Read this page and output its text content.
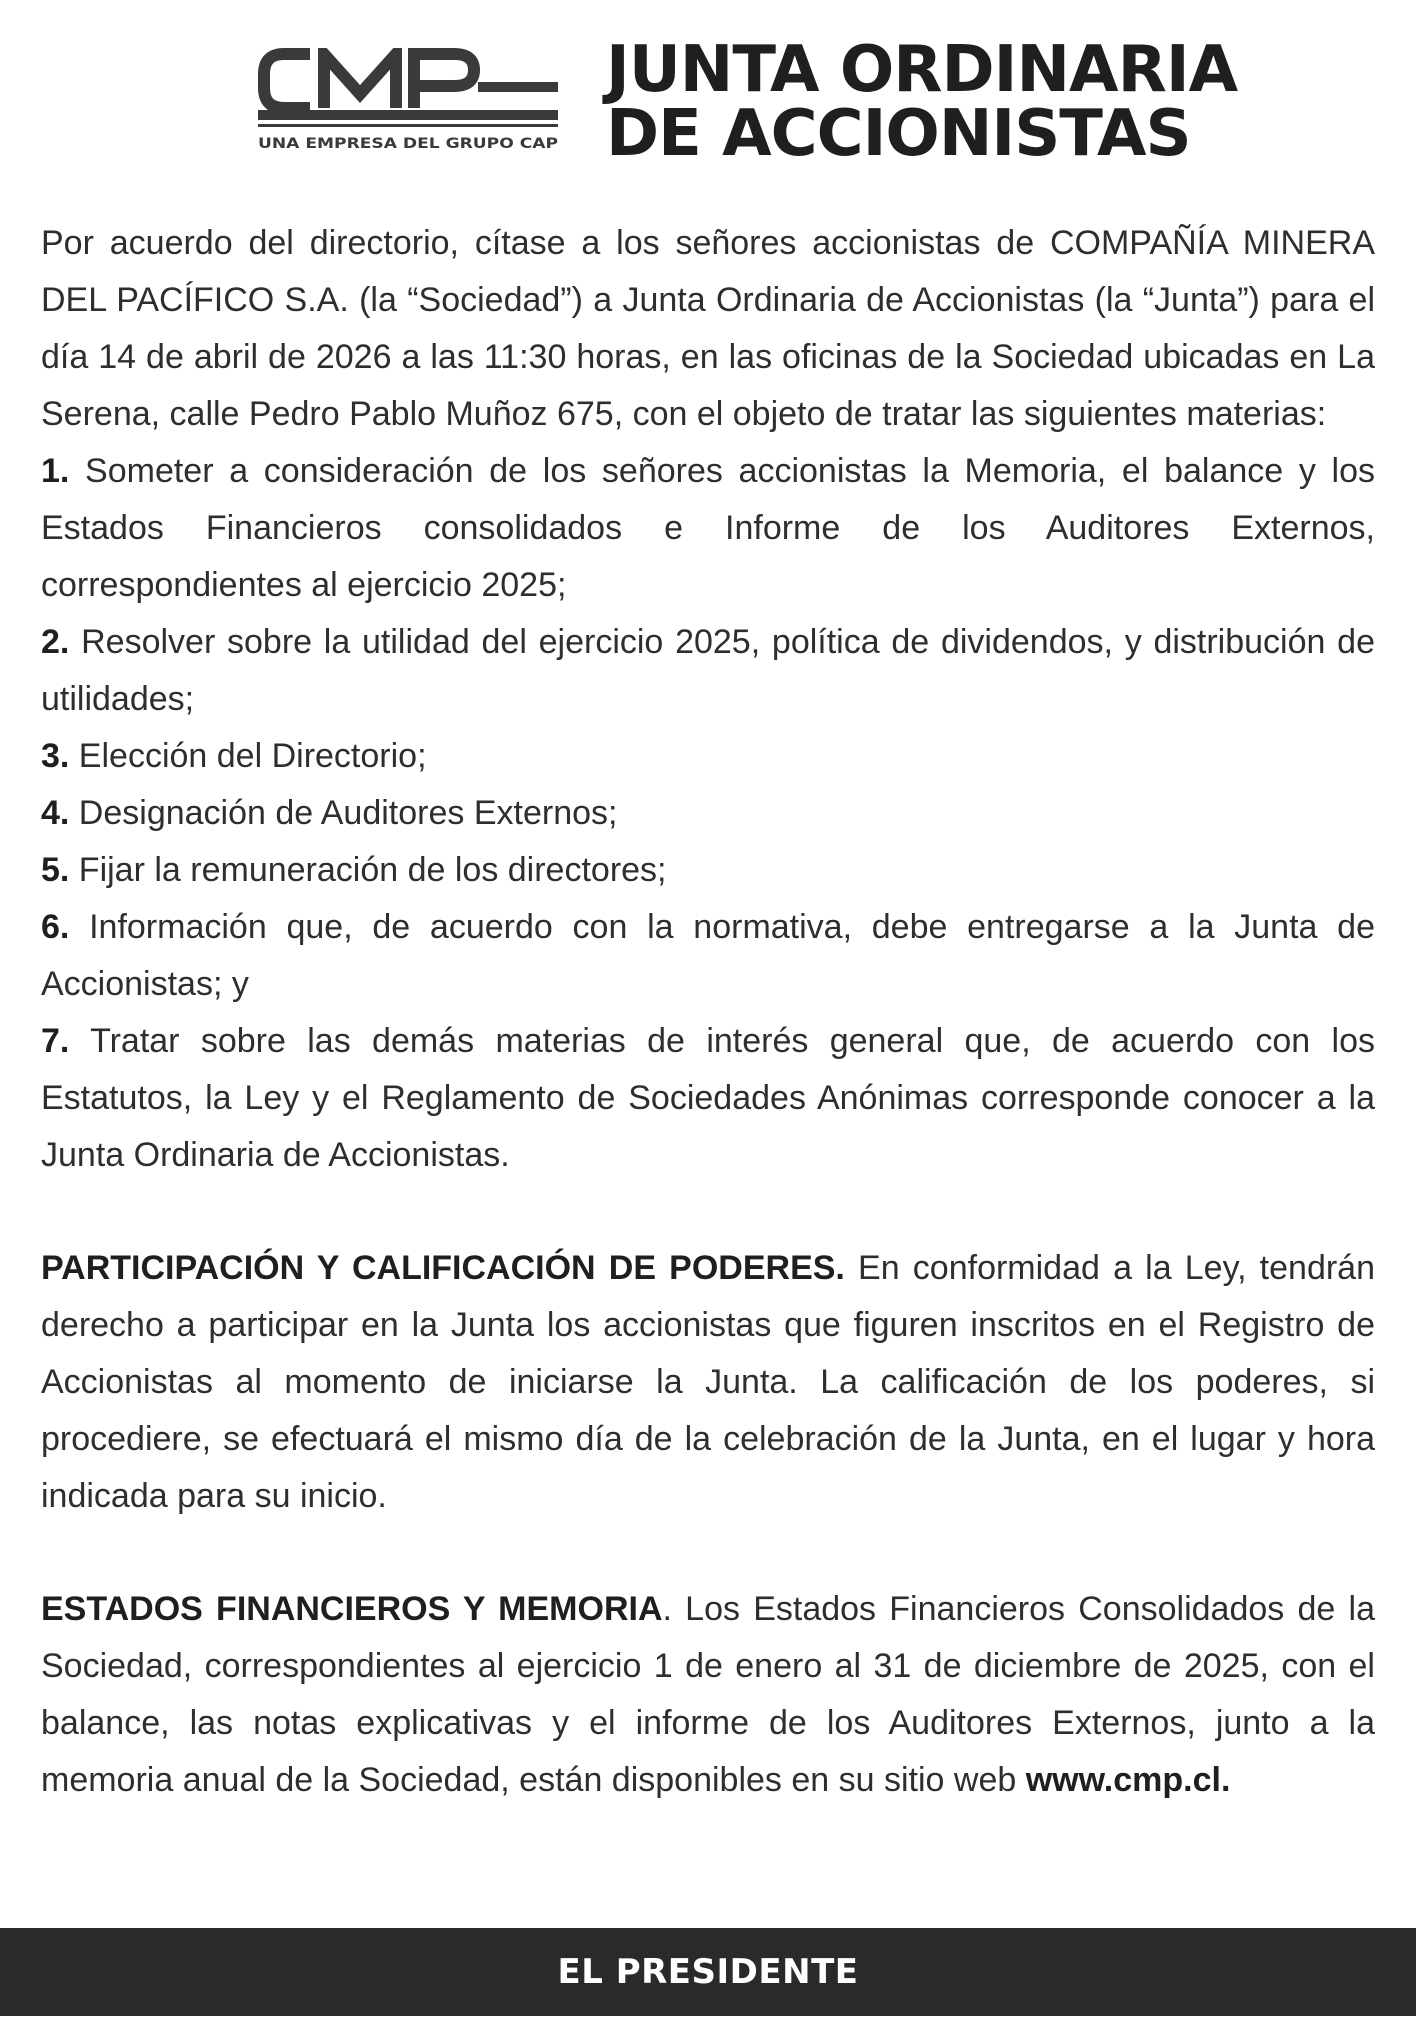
UNA EMPRESA DEL GRUPO CAP
JUNTA ORDINARIA
DE ACCIONISTAS

Por acuerdo del directorio, cítase a los señores accionistas de COMPAÑÍA MINERA DEL PACÍFICO S.A. (la “Sociedad”) a Junta Ordinaria de Accionistas (la “Junta”) para el día 14 de abril de 2026 a las 11:30 horas, en las oficinas de la Sociedad ubicadas en La Serena, calle Pedro Pablo Muñoz 675, con el objeto de tratar las siguientes materias:

1. Someter a consideración de los señores accionistas la Memoria, el balance y los Estados Financieros consolidados e Informe de los Auditores Externos, correspondientes al ejercicio 2025;

2. Resolver sobre la utilidad del ejercicio 2025, política de dividendos, y distribución de utilidades;

3. Elección del Directorio;

4. Designación de Auditores Externos;

5. Fijar la remuneración de los directores;

6. Información que, de acuerdo con la normativa, debe entregarse a la Junta de Accionistas; y

7. Tratar sobre las demás materias de interés general que, de acuerdo con los Estatutos, la Ley y el Reglamento de Sociedades Anónimas corresponde conocer a la Junta Ordinaria de Accionistas.

PARTICIPACIÓN Y CALIFICACIÓN DE PODERES. En conformidad a la Ley, tendrán derecho a participar en la Junta los accionistas que figuren inscritos en el Registro de Accionistas al momento de iniciarse la Junta. La calificación de los poderes, si procediere, se efectuará el mismo día de la celebración de la Junta, en el lugar y hora indicada para su inicio.

ESTADOS FINANCIEROS Y MEMORIA. Los Estados Financieros Consolidados de la Sociedad, correspondientes al ejercicio 1 de enero al 31 de diciembre de 2025, con el balance, las notas explicativas y el informe de los Auditores Externos, junto a la memoria anual de la Sociedad, están disponibles en su sitio web www.cmp.cl.

EL PRESIDENTE
